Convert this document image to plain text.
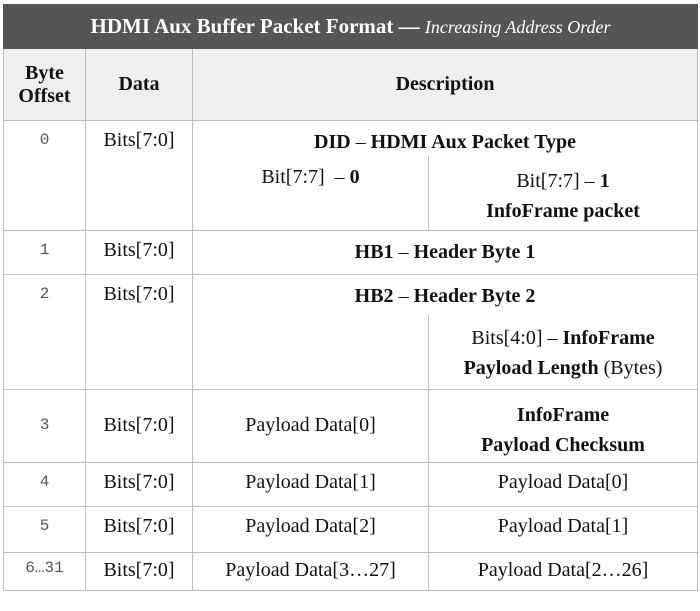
HDMI Aux Buffer Packet Format — Increasing Address Order			

Byte
Offset	Data	Description	
0	Bits[7:0]	DID – HDMI Aux Packet Type	
		Bit[7:7]  – 0	Bit[7:7] – 1
InfoFrame packet

1	Bits[7:0]	HB1 – Header Byte 1	
2	Bits[7:0]	HB2 – Header Byte 2	

			Bits[4:0] – InfoFrame
Payload Length (Bytes)

3	Bits[7:0]	Payload Data[0]	InfoFrame
Payload Checksum

4	Bits[7:0]	Payload Data[1]	Payload Data[0]
5	Bits[7:0]	Payload Data[2]	Payload Data[1]
6…31	Bits[7:0]	Payload Data[3…27]	Payload Data[2…26]
